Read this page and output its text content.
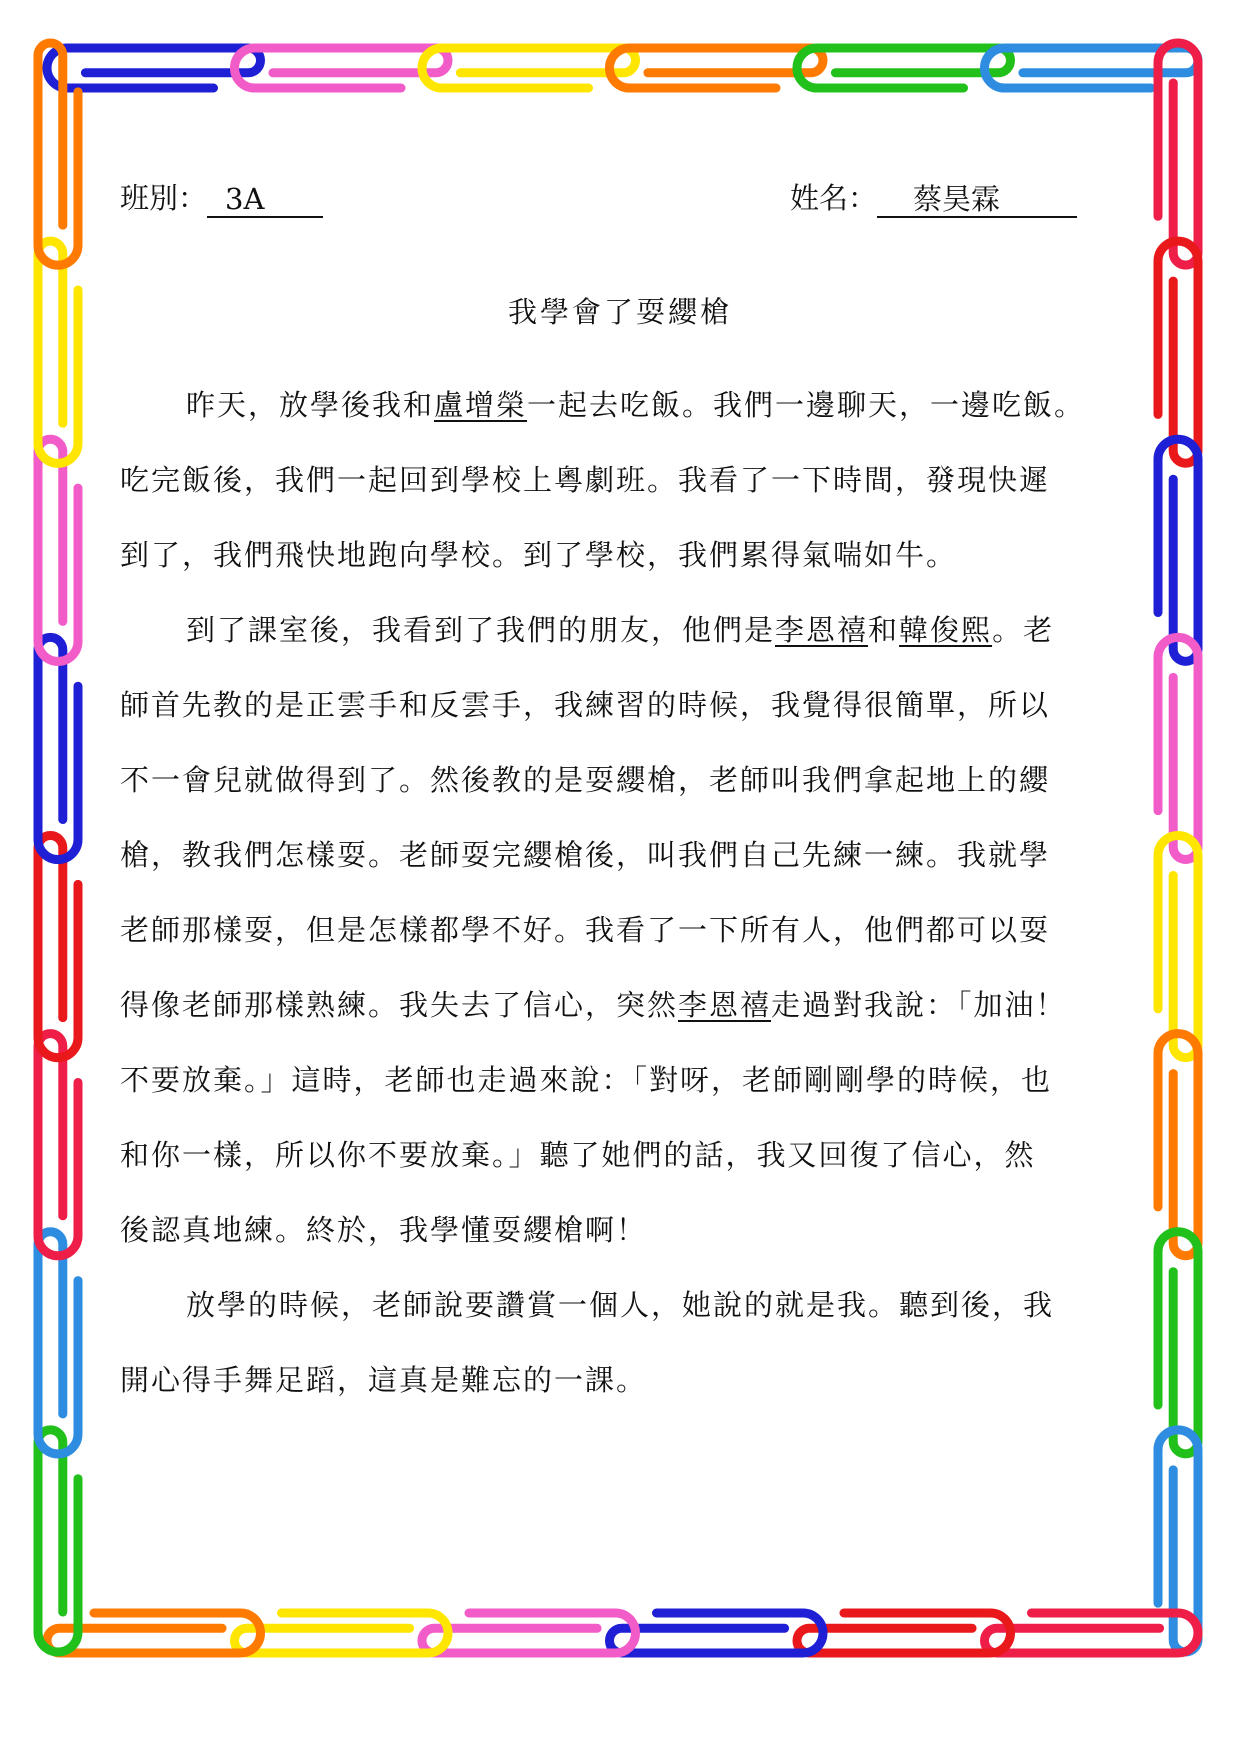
班別： 3A	姓名： 蔡昊霖
我學會了耍纓槍

昨天，放學後我和盧增榮一起去吃飯。我們一邊聊天，一邊吃飯。
吃完飯後，我們一起回到學校上粵劇班。我看了一下時間，發現快遲
到了，我們飛快地跑向學校。到了學校，我們累得氣喘如牛。

到了課室後，我看到了我們的朋友，他們是李恩禧和韓俊熙。老
師首先教的是正雲手和反雲手，我練習的時候，我覺得很簡單，所以
不一會兒就做得到了。然後教的是耍纓槍，老師叫我們拿起地上的纓
槍，教我們怎樣耍。老師耍完纓槍後，叫我們自己先練一練。我就學
老師那樣耍，但是怎樣都學不好。我看了一下所有人，他們都可以耍
得像老師那樣熟練。我失去了信心，突然李恩禧走過對我說：「加油！
不要放棄。」這時，老師也走過來說：「對呀，老師剛剛學的時候，也
和你一樣，所以你不要放棄。」聽了她們的話，我又回復了信心，然
後認真地練。終於，我學懂耍纓槍啊！

放學的時候，老師說要讚賞一個人，她說的就是我。聽到後，我
開心得手舞足蹈，這真是難忘的一課。
